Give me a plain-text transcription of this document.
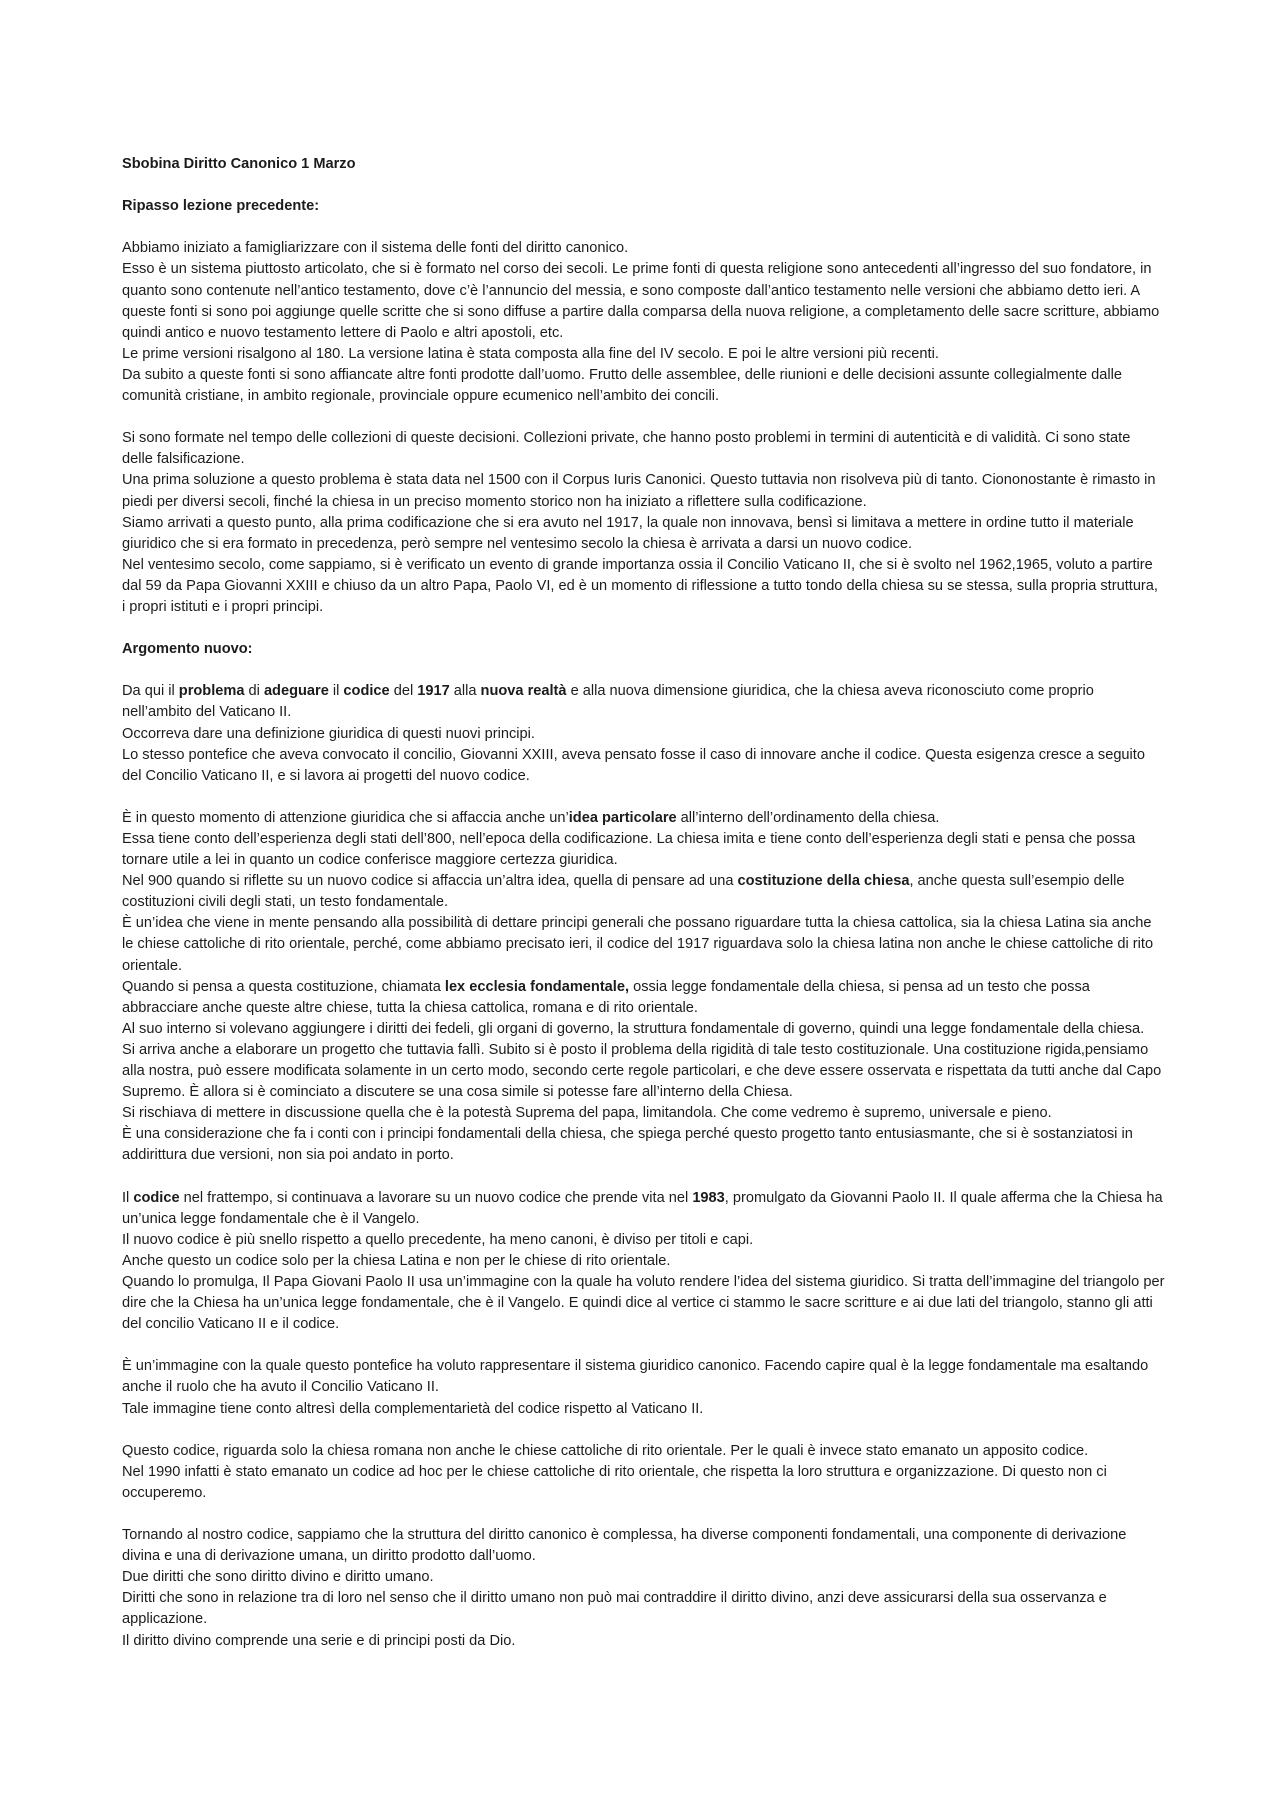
Sbobina Diritto Canonico 1 Marzo

Ripasso lezione precedente:

Abbiamo iniziato a famigliarizzare con il sistema delle fonti del diritto canonico.

Esso è un sistema piuttosto articolato, che si è formato nel corso dei secoli. Le prime fonti di questa religione sono antecedenti all’ingresso del suo fondatore, in quanto sono contenute nell’antico testamento, dove c’è l’annuncio del messia, e sono composte dall’antico testamento nelle versioni che abbiamo detto ieri. A queste fonti si sono poi aggiunge quelle scritte che si sono diffuse a partire dalla comparsa della nuova religione, a completamento delle sacre scritture, abbiamo quindi antico e nuovo testamento lettere di Paolo e altri apostoli, etc.

Le prime versioni risalgono al 180. La versione latina è stata composta alla fine del IV secolo. E poi le altre versioni più recenti.

Da subito a queste fonti si sono affiancate altre fonti prodotte dall’uomo. Frutto delle assemblee, delle riunioni e delle decisioni assunte collegialmente dalle comunità cristiane, in ambito regionale, provinciale oppure ecumenico nell’ambito dei concili.

Si sono formate nel tempo delle collezioni di queste decisioni. Collezioni private, che hanno posto problemi in termini di autenticità e di validità. Ci sono state delle falsificazione.

Una prima soluzione a questo problema è stata data nel 1500 con il Corpus Iuris Canonici. Questo tuttavia non risolveva più di tanto. Ciononostante è rimasto in piedi per diversi secoli, finché la chiesa in un preciso momento storico non ha iniziato a riflettere sulla codificazione.

Siamo arrivati a questo punto, alla prima codificazione che si era avuto nel 1917, la quale non innovava, bensì si limitava a mettere in ordine tutto il materiale giuridico che si era formato in precedenza, però sempre nel ventesimo secolo la chiesa è arrivata a darsi un nuovo codice.

Nel ventesimo secolo, come sappiamo, si è verificato un evento di grande importanza ossia il Concilio Vaticano II, che si è svolto nel 1962,1965, voluto a partire dal 59 da Papa Giovanni XXIII e chiuso da un altro Papa, Paolo VI, ed è un momento di riflessione a tutto tondo della chiesa su se stessa, sulla propria struttura, i propri istituti e i propri principi.

Argomento nuovo:

Da qui il problema di adeguare il codice del 1917 alla nuova realtà e alla nuova dimensione giuridica, che la chiesa aveva riconosciuto come proprio nell’ambito del Vaticano II.

Occorreva dare una definizione giuridica di questi nuovi principi.

Lo stesso pontefice che aveva convocato il concilio, Giovanni XXIII, aveva pensato fosse il caso di innovare anche il codice. Questa esigenza cresce a seguito del Concilio Vaticano II, e si lavora ai progetti del nuovo codice.

È in questo momento di attenzione giuridica che si affaccia anche un’idea particolare all’interno dell’ordinamento della chiesa.

Essa tiene conto dell’esperienza degli stati dell’800, nell’epoca della codificazione. La chiesa imita e tiene conto dell’esperienza degli stati e pensa che possa tornare utile a lei in quanto un codice conferisce maggiore certezza giuridica.

Nel 900 quando si riflette su un nuovo codice si affaccia un’altra idea, quella di pensare ad una costituzione della chiesa, anche questa sull’esempio delle costituzioni civili degli stati, un testo fondamentale.

È un’idea che viene in mente pensando alla possibilità di dettare principi generali che possano riguardare tutta la chiesa cattolica, sia la chiesa Latina sia anche le chiese cattoliche di rito orientale, perché, come abbiamo precisato ieri, il codice del 1917 riguardava solo la chiesa latina non anche le chiese cattoliche di rito orientale.

Quando si pensa a questa costituzione, chiamata lex ecclesia fondamentale, ossia legge fondamentale della chiesa, si pensa ad un testo che possa abbracciare anche queste altre chiese, tutta la chiesa cattolica, romana e di rito orientale.

Al suo interno si volevano aggiungere i diritti dei fedeli, gli organi di governo, la struttura fondamentale di governo, quindi una legge fondamentale della chiesa.

Si arriva anche a elaborare un progetto che tuttavia fallì. Subito si è posto il problema della rigidità di tale testo costituzionale. Una costituzione rigida,pensiamo alla nostra, può essere modificata solamente in un certo modo, secondo certe regole particolari, e che deve essere osservata e rispettata da tutti anche dal Capo Supremo. È allora si è cominciato a discutere se una cosa simile si potesse fare all’interno della Chiesa.

Si rischiava di mettere in discussione quella che è la potestà Suprema del papa, limitandola. Che come vedremo è supremo, universale e pieno.

È una considerazione che fa i conti con i principi fondamentali della chiesa, che spiega perché questo progetto tanto entusiasmante, che si è sostanziatosi in addirittura due versioni, non sia poi andato in porto.

Il codice nel frattempo, si continuava a lavorare su un nuovo codice che prende vita nel 1983, promulgato da Giovanni Paolo II. Il quale afferma che la Chiesa ha un’unica legge fondamentale che è il Vangelo.

Il nuovo codice è più snello rispetto a quello precedente, ha meno canoni, è diviso per titoli e capi.

Anche questo un codice solo per la chiesa Latina e non per le chiese di rito orientale.

Quando lo promulga, Il Papa Giovani Paolo II usa un’immagine con la quale ha voluto rendere l’idea del sistema giuridico. Si tratta dell’immagine del triangolo per dire che la Chiesa ha un’unica legge fondamentale, che è il Vangelo. E quindi dice al vertice ci stammo le sacre scritture e ai due lati del triangolo, stanno gli atti del concilio Vaticano II e il codice.

È un’immagine con la quale questo pontefice ha voluto rappresentare il sistema giuridico canonico. Facendo capire qual è la legge fondamentale ma esaltando anche il ruolo che ha avuto il Concilio Vaticano II.

Tale immagine tiene conto altresì della complementarietà del codice rispetto al Vaticano II.

Questo codice, riguarda solo la chiesa romana non anche le chiese cattoliche di rito orientale. Per le quali è invece stato emanato un apposito codice.

Nel 1990 infatti è stato emanato un codice ad hoc per le chiese cattoliche di rito orientale, che rispetta la loro struttura e organizzazione. Di questo non ci occuperemo.

Tornando al nostro codice, sappiamo che la struttura del diritto canonico è complessa, ha diverse componenti fondamentali, una componente di derivazione divina e una di derivazione umana, un diritto prodotto dall’uomo.

Due diritti che sono diritto divino e diritto umano.

Diritti che sono in relazione tra di loro nel senso che il diritto umano non può mai contraddire il diritto divino, anzi deve assicurarsi della sua osservanza e applicazione.

Il diritto divino comprende una serie e di principi posti da Dio.
